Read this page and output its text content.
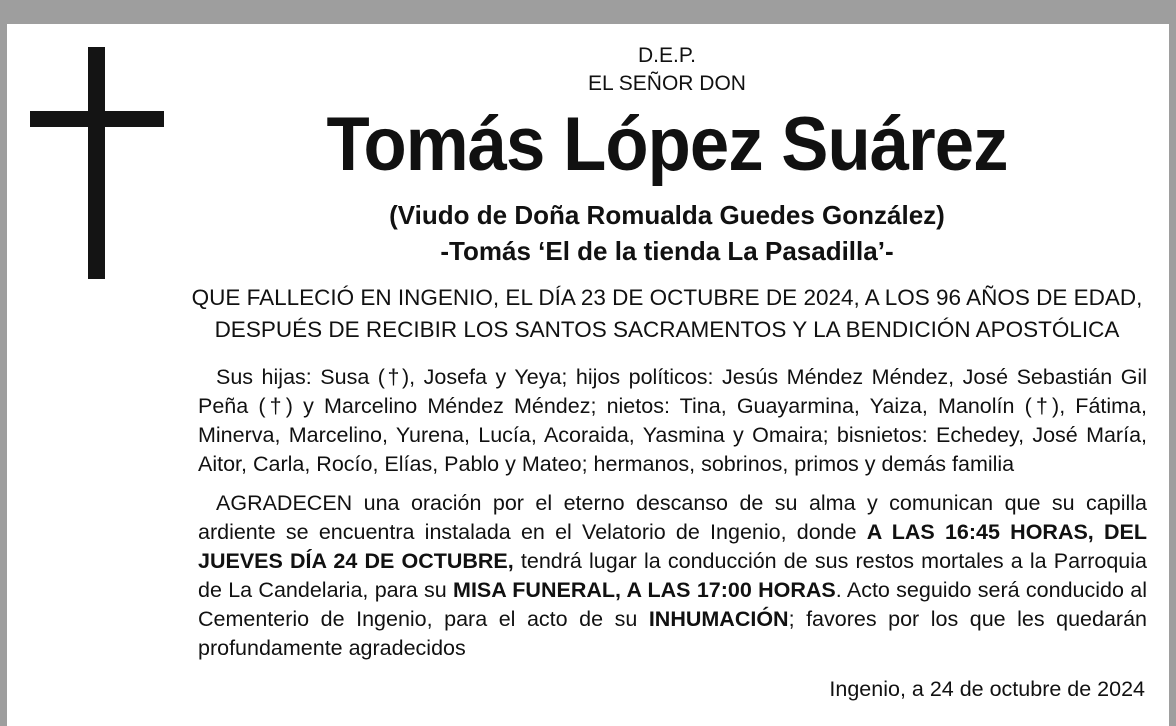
D.E.P.
EL SEÑOR DON
Tomás López Suárez
(Viudo de Doña Romualda Guedes González)
-Tomás ‘El de la tienda La Pasadilla’-
QUE FALLECIÓ EN INGENIO, EL DÍA 23 DE OCTUBRE DE 2024, A LOS 96 AÑOS DE EDAD,
DESPUÉS DE RECIBIR LOS SANTOS SACRAMENTOS Y LA BENDICIÓN APOSTÓLICA
Sus hijas: Susa (†), Josefa y Yeya; hijos políticos: Jesús Méndez Méndez, José Sebastián Gil Peña (†) y Marcelino Méndez Méndez; nietos: Tina, Guayarmina, Yaiza, Manolín (†), Fátima, Minerva, Marcelino, Yurena, Lucía, Acoraida, Yasmina y Omaira; bisnietos: Echedey, José María, Aitor, Carla, Rocío, Elías, Pablo y Mateo; hermanos, sobrinos, primos y demás familia
AGRADECEN una oración por el eterno descanso de su alma y comunican que su capilla ardiente se encuentra instalada en el Velatorio de Ingenio, donde A LAS 16:45 HORAS, DEL JUEVES DÍA 24 DE OCTUBRE, tendrá lugar la conducción de sus restos mortales a la Parroquia de La Candelaria, para su MISA FUNERAL, A LAS 17:00 HORAS. Acto seguido será conducido al Cementerio de Ingenio, para el acto de su INHUMACIÓN; favores por los que les quedarán profundamente agradecidos
Ingenio, a 24 de octubre de 2024
